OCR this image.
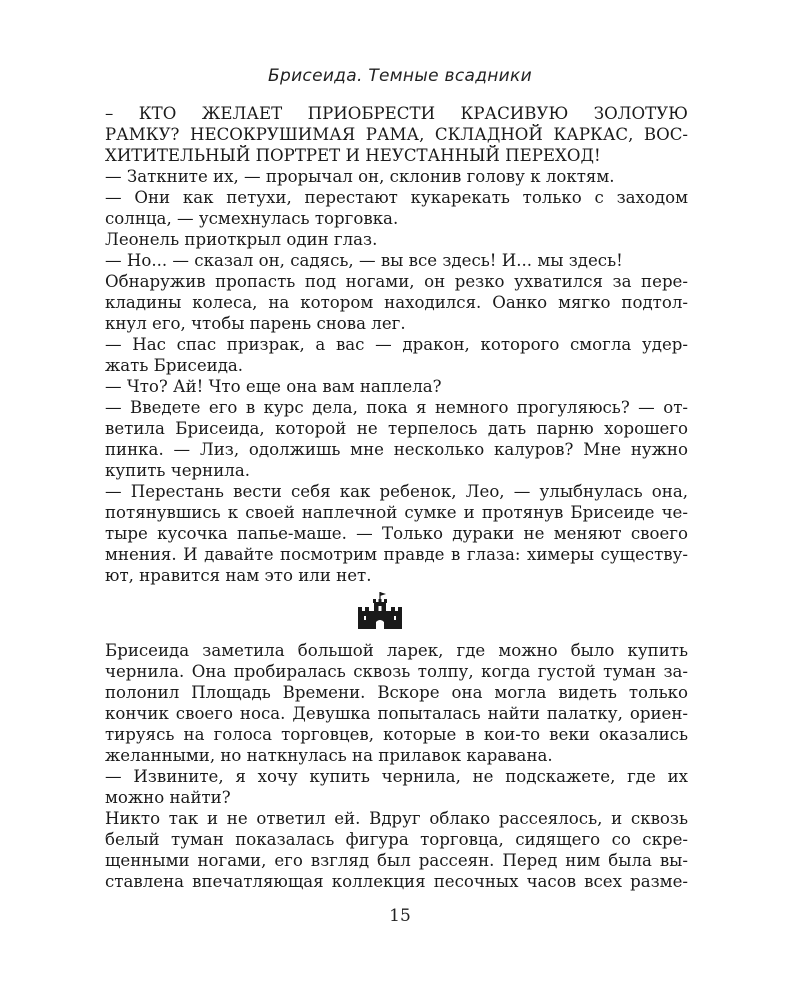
Брисеида. Темные всадники

– КТО ЖЕЛАЕТ ПРИОБРЕСТИ КРАСИВУЮ ЗОЛОТУЮ
РАМКУ? НЕСОКРУШИМАЯ РАМА, СКЛАДНОЙ КАРКАС, ВОС-
ХИТИТЕЛЬНЫЙ ПОРТРЕТ И НЕУСТАННЫЙ ПЕРЕХОД!

— Заткните их, — прорычал он, склонив голову к локтям.

— Они как петухи, перестают кукарекать только с заходом
солнца, — усмехнулась торговка.

Леонель приоткрыл один глаз.

— Но... — сказал он, садясь, — вы все здесь! И... мы здесь!

Обнаружив пропасть под ногами, он резко ухватился за пере-
кладины колеса, на котором находился. Оанко мягко подтол-
кнул его, чтобы парень снова лег.

— Нас спас призрак, а вас — дракон, которого смогла удер-
жать Брисеида.

— Что? Ай! Что еще она вам наплела?

— Введете его в курс дела, пока я немного прогуляюсь? — от-
ветила Брисеида, которой не терпелось дать парню хорошего
пинка. — Лиз, одолжишь мне несколько калуров? Мне нужно
купить чернила.

— Перестань вести себя как ребенок, Лео, — улыбнулась она,
потянувшись к своей наплечной сумке и протянув Брисеиде че-
тыре кусочка папье-маше. — Только дураки не меняют своего
мнения. И давайте посмотрим правде в глаза: химеры существу-
ют, нравится нам это или нет.

Брисеида заметила большой ларек, где можно было купить
чернила. Она пробиралась сквозь толпу, когда густой туман за-
полонил Площадь Времени. Вскоре она могла видеть только
кончик своего носа. Девушка попыталась найти палатку, ориен-
тируясь на голоса торговцев, которые в кои-то веки оказались
желанными, но наткнулась на прилавок каравана.

— Извините, я хочу купить чернила, не подскажете, где их
можно найти?

Никто так и не ответил ей. Вдруг облако рассеялось, и сквозь
белый туман показалась фигура торговца, сидящего со скре-
щенными ногами, его взгляд был рассеян. Перед ним была вы-
ставлена впечатляющая коллекция песочных часов всех разме-

15
